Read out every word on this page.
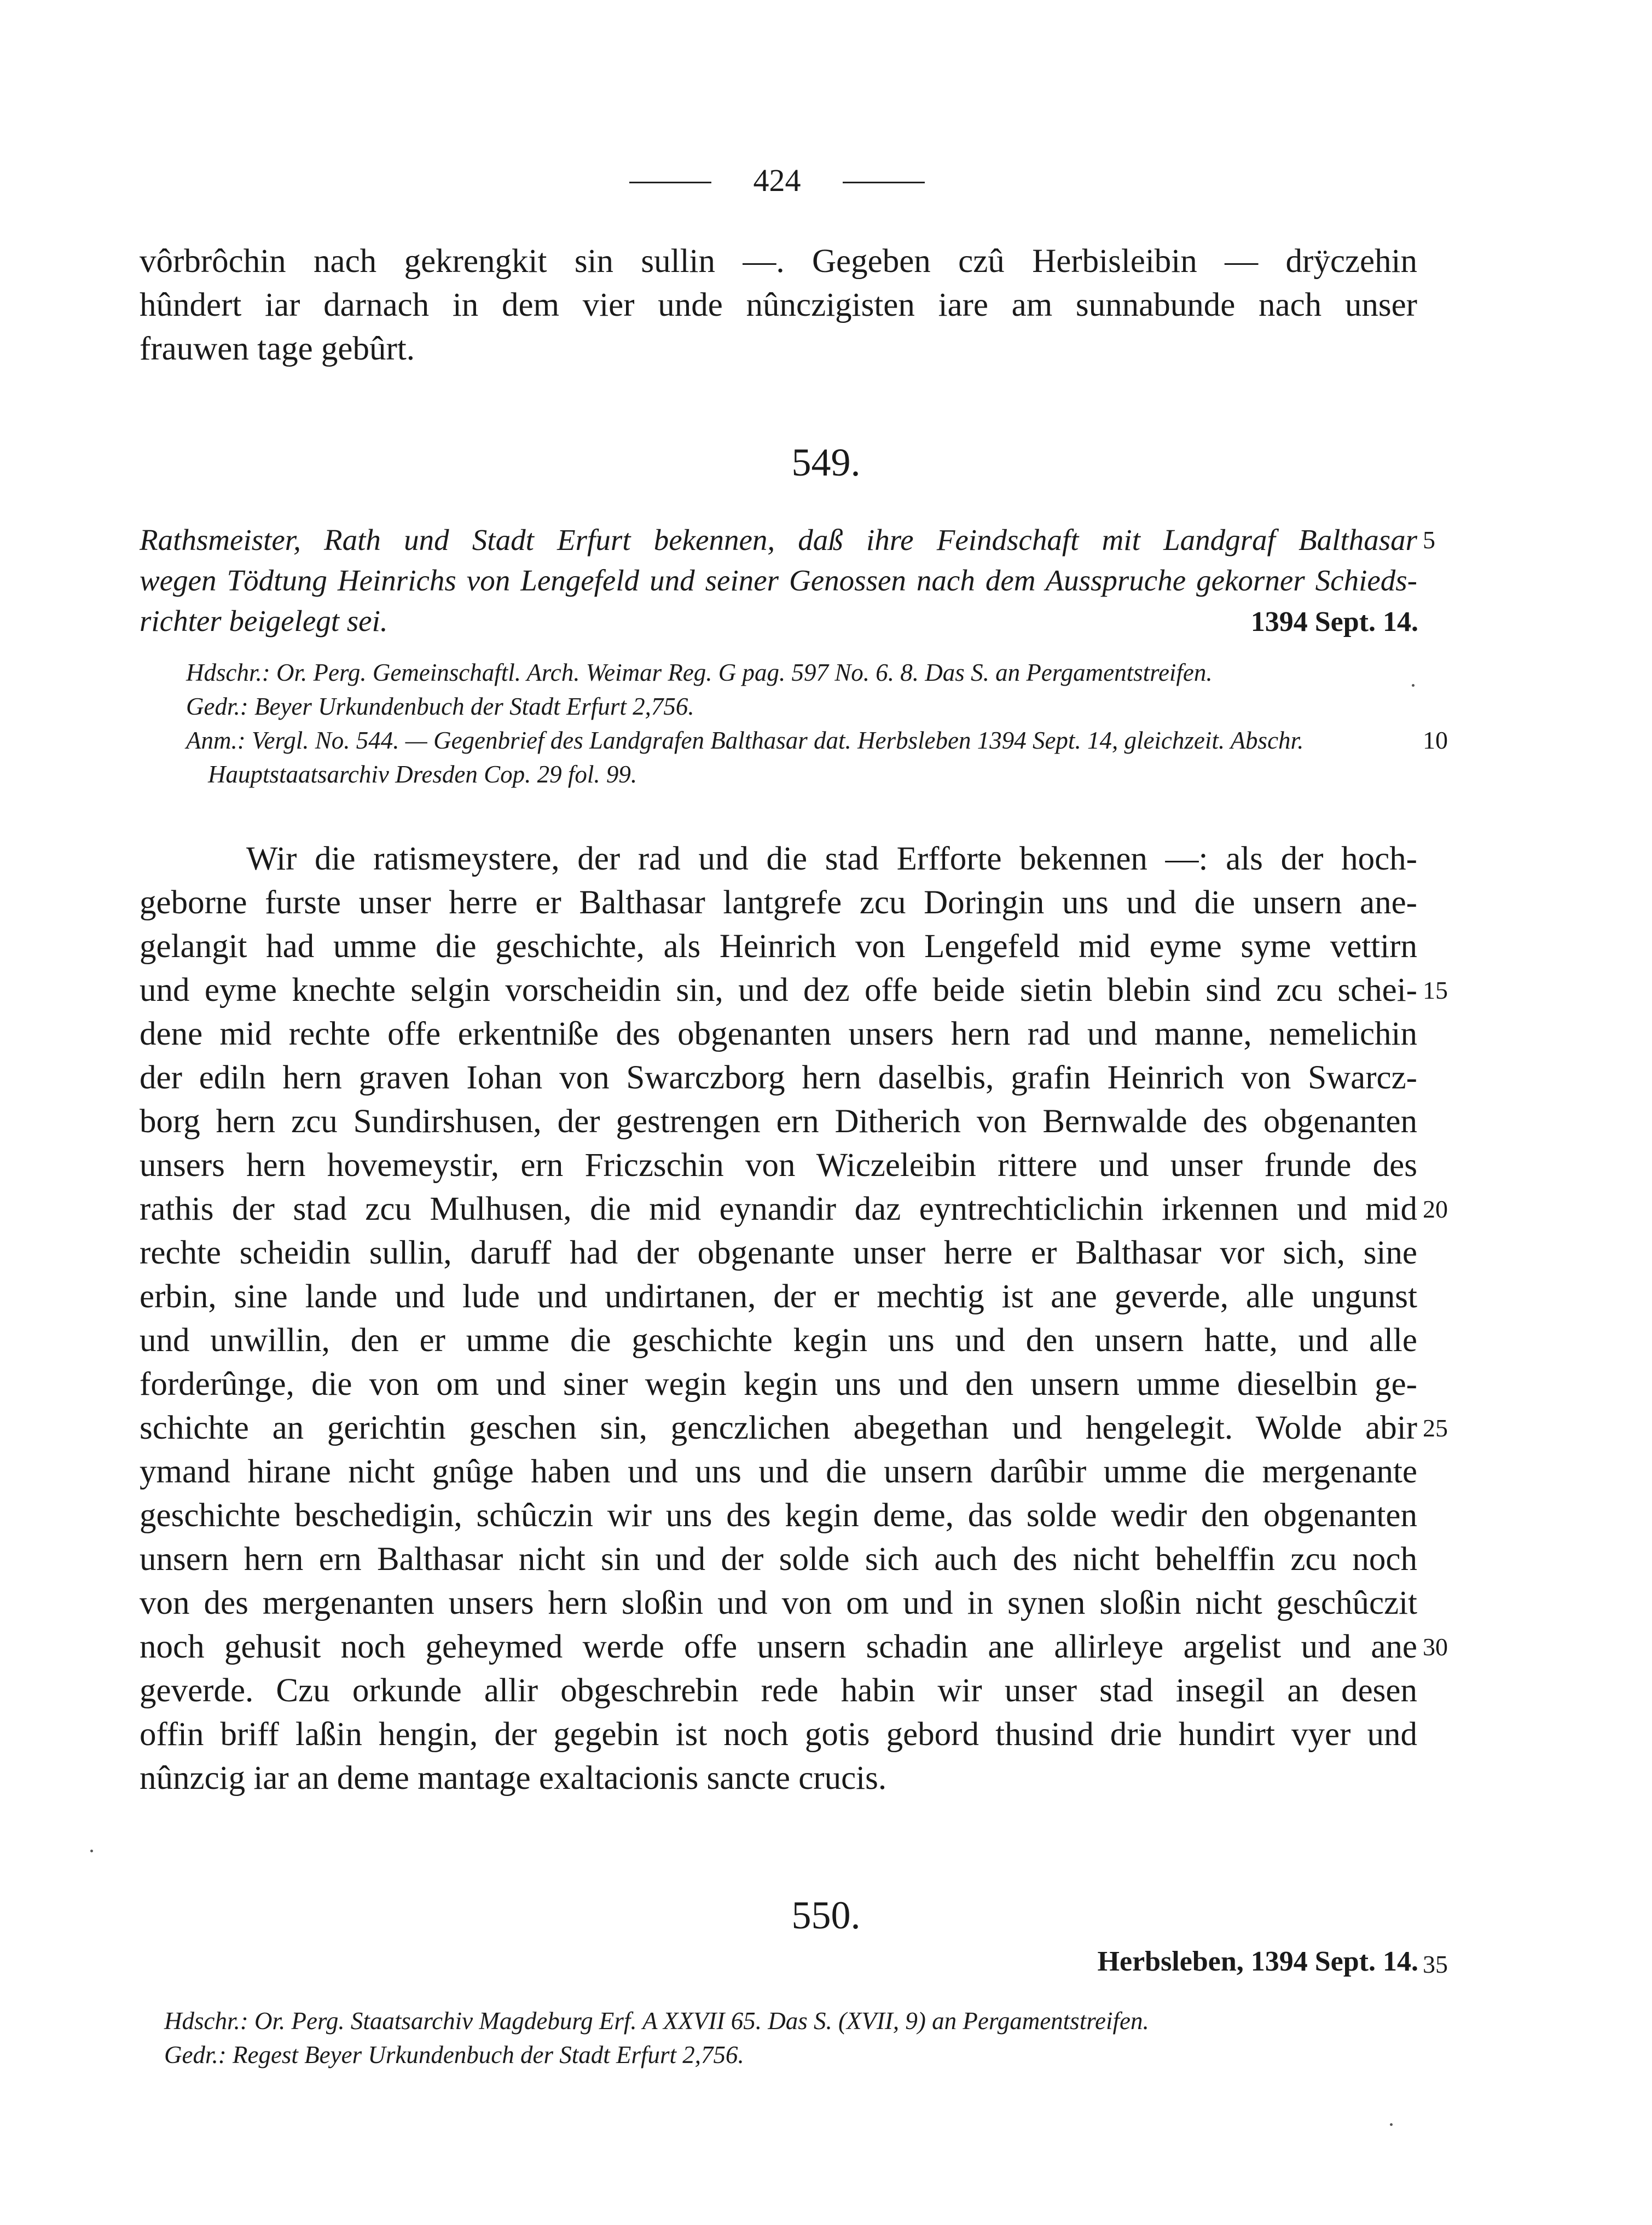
424
vôrbrôchin nach gekrengkit sin sullin —. Gegeben czû Herbisleibin — drÿczehin
hûndert iar darnach in dem vier unde nûnczigisten iare am sunnabunde nach unser
frauwen tage gebûrt.
549.
Rathsmeister, Rath und Stadt Erfurt bekennen, daß ihre Feindschaft mit Landgraf Balthasar
wegen Tödtung Heinrichs von Lengefeld und seiner Genossen nach dem Ausspruche gekorner Schieds-
richter beigelegt sei.	1394 Sept. 14.
Hdschr.: Or. Perg. Gemeinschaftl. Arch. Weimar Reg. G pag. 597 No. 6. 8. Das S. an Pergamentstreifen.
Gedr.: Beyer Urkundenbuch der Stadt Erfurt 2,756.
Anm.: Vergl. No. 544. — Gegenbrief des Landgrafen Balthasar dat. Herbsleben 1394 Sept. 14, gleichzeit. Abschr.
Hauptstaatsarchiv Dresden Cop. 29 fol. 99.
Wir die ratismeystere, der rad und die stad Erfforte bekennen —: als der hoch-
geborne furste unser herre er Balthasar lantgrefe zcu Doringin uns und die unsern ane-
gelangit had umme die geschichte, als Heinrich von Lengefeld mid eyme syme vettirn
und eyme knechte selgin vorscheidin sin, und dez offe beide sietin blebin sind zcu schei-
dene mid rechte offe erkentniße des obgenanten unsers hern rad und manne, nemelichin
der ediln hern graven Iohan von Swarczborg hern daselbis, grafin Heinrich von Swarcz-
borg hern zcu Sundirshusen, der gestrengen ern Ditherich von Bernwalde des obgenanten
unsers hern hovemeystir, ern Friczschin von Wiczeleibin rittere und unser frunde des
rathis der stad zcu Mulhusen, die mid eynandir daz eyntrechticlichin irkennen und mid
rechte scheidin sullin, daruff had der obgenante unser herre er Balthasar vor sich, sine
erbin, sine lande und lude und undirtanen, der er mechtig ist ane geverde, alle ungunst
und unwillin, den er umme die geschichte kegin uns und den unsern hatte, und alle
forderûnge, die von om und siner wegin kegin uns und den unsern umme dieselbin ge-
schichte an gerichtin geschen sin, genczlichen abegethan und hengelegit. Wolde abir
ymand hirane nicht gnûge haben und uns und die unsern darûbir umme die mergenante
geschichte beschedigin, schûczin wir uns des kegin deme, das solde wedir den obgenanten
unsern hern ern Balthasar nicht sin und der solde sich auch des nicht behelffin zcu noch
von des mergenanten unsers hern sloßin und von om und in synen sloßin nicht geschûczit
noch gehusit noch geheymed werde offe unsern schadin ane allirleye argelist und ane
geverde. Czu orkunde allir obgeschrebin rede habin wir unser stad insegil an desen
offin briff laßin hengin, der gegebin ist noch gotis gebord thusind drie hundirt vyer und
nûnzcig iar an deme mantage exaltacionis sancte crucis.
550.
Herbsleben, 1394 Sept. 14.
Hdschr.: Or. Perg. Staatsarchiv Magdeburg Erf. A XXVII 65. Das S. (XVII, 9) an Pergamentstreifen.
Gedr.: Regest Beyer Urkundenbuch der Stadt Erfurt 2,756.
5
10
15
20
25
30
35
